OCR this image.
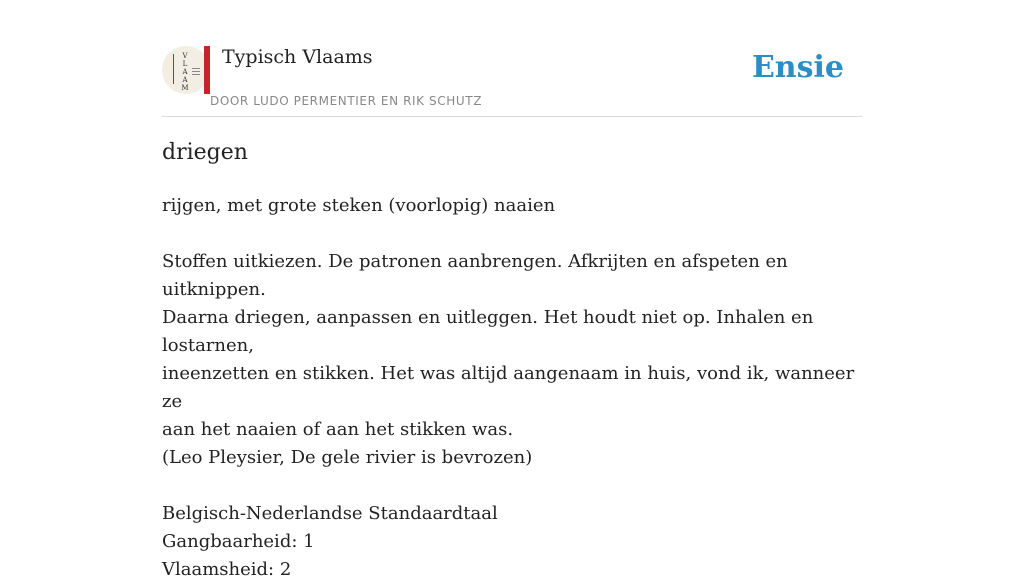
V
L
A
A
M
Typisch Vlaams
DOOR LUDO PERMENTIER EN RIK SCHUTZ
Ensie
driegen

rijgen, met grote steken (voorlopig) naaien

Stoffen uitkiezen. De patronen aanbrengen. Afkrijten en afspeten en uitknippen.

Daarna driegen, aanpassen en uitleggen. Het houdt niet op. Inhalen en lostarnen,

ineenzetten en stikken. Het was altijd aangenaam in huis, vond ik, wanneer ze

aan het naaien of aan het stikken was.

(Leo Pleysier, De gele rivier is bevrozen)

Belgisch-Nederlandse Standaardtaal

Gangbaarheid: 1

Vlaamsheid: 2
